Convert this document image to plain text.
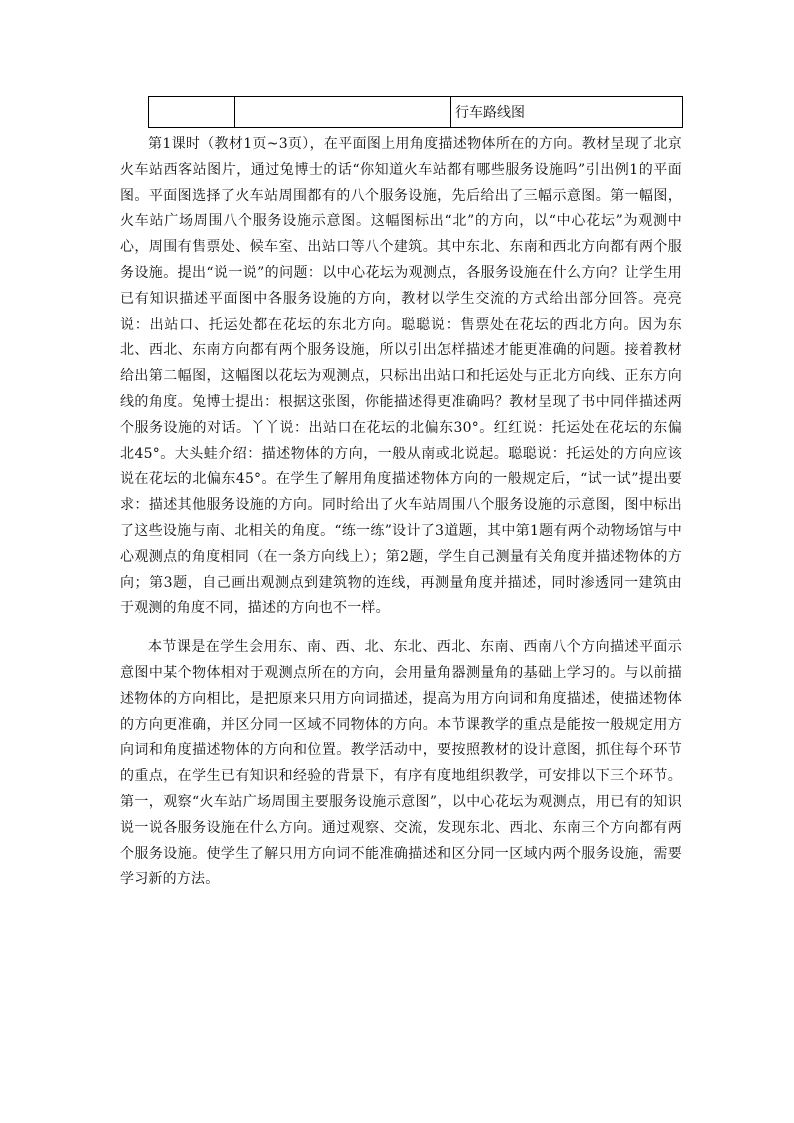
		行车路线图

第1课时（教材1页~3页），在平面图上用角度描述物体所在的方向。教材呈现了北京火车站西客站图片，通过兔博士的话“你知道火车站都有哪些服务设施吗”引出例1的平面图。平面图选择了火车站周围都有的八个服务设施，先后给出了三幅示意图。第一幅图，火车站广场周围八个服务设施示意图。这幅图标出“北”的方向，以“中心花坛”为观测中心，周围有售票处、候车室、出站口等八个建筑。其中东北、东南和西北方向都有两个服务设施。提出“说一说”的问题：以中心花坛为观测点，各服务设施在什么方向？让学生用已有知识描述平面图中各服务设施的方向，教材以学生交流的方式给出部分回答。亮亮说：出站口、托运处都在花坛的东北方向。聪聪说：售票处在花坛的西北方向。因为东北、西北、东南方向都有两个服务设施，所以引出怎样描述才能更准确的问题。接着教材给出第二幅图，这幅图以花坛为观测点，只标出出站口和托运处与正北方向线、正东方向线的角度。兔博士提出：根据这张图，你能描述得更准确吗？教材呈现了书中同伴描述两个服务设施的对话。丫丫说：出站口在花坛的北偏东30°。红红说：托运处在花坛的东偏北45°。大头蛙介绍：描述物体的方向，一般从南或北说起。聪聪说：托运处的方向应该说在花坛的北偏东45°。在学生了解用角度描述物体方向的一般规定后，“试一试”提出要求：描述其他服务设施的方向。同时给出了火车站周围八个服务设施的示意图，图中标出了这些设施与南、北相关的角度。“练一练”设计了3道题，其中第1题有两个动物场馆与中心观测点的角度相同（在一条方向线上）；第2题，学生自己测量有关角度并描述物体的方向；第3题，自己画出观测点到建筑物的连线，再测量角度并描述，同时渗透同一建筑由于观测的角度不同，描述的方向也不一样。

本节课是在学生会用东、南、西、北、东北、西北、东南、西南八个方向描述平面示意图中某个物体相对于观测点所在的方向，会用量角器测量角的基础上学习的。与以前描述物体的方向相比，是把原来只用方向词描述，提高为用方向词和角度描述，使描述物体的方向更准确，并区分同一区域不同物体的方向。本节课教学的重点是能按一般规定用方向词和角度描述物体的方向和位置。教学活动中，要按照教材的设计意图，抓住每个环节的重点，在学生已有知识和经验的背景下，有序有度地组织教学，可安排以下三个环节。第一，观察“火车站广场周围主要服务设施示意图”，以中心花坛为观测点，用已有的知识说一说各服务设施在什么方向。通过观察、交流，发现东北、西北、东南三个方向都有两个服务设施。使学生了解只用方向词不能准确描述和区分同一区域内两个服务设施，需要学习新的方法。
